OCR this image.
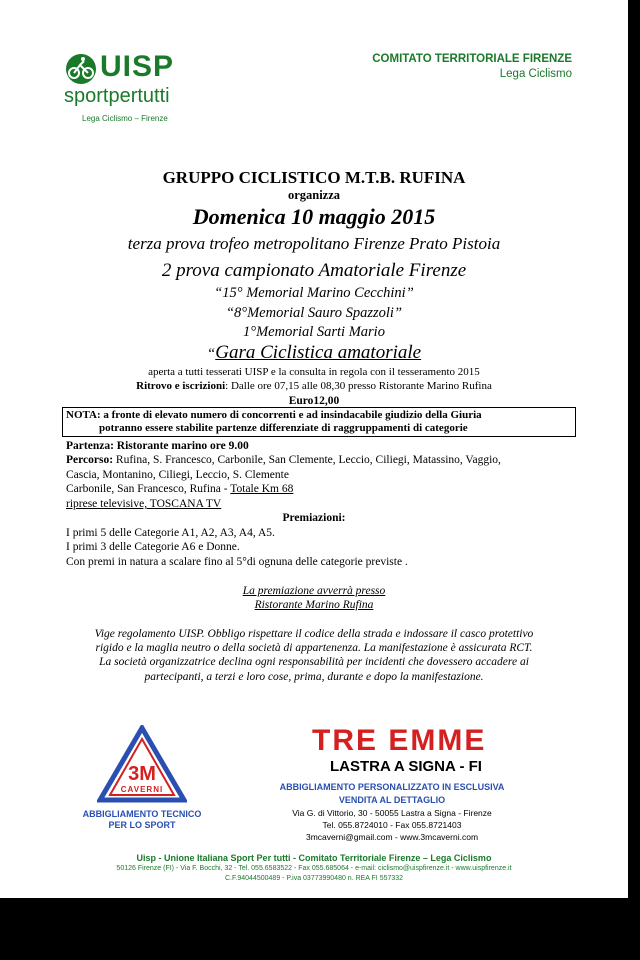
UISP
sportpertutti
Lega Ciclismo – Firenze
COMITATO TERRITORIALE FIRENZE
Lega Ciclismo
GRUPPO CICLISTICO M.T.B. RUFINA
organizza
Domenica 10 maggio 2015
terza prova trofeo metropolitano Firenze Prato Pistoia
2 prova campionato Amatoriale Firenze
“15° Memorial Marino Cecchini”
“8°Memorial Sauro Spazzoli”
1°Memorial Sarti Mario
“Gara Ciclistica amatoriale
aperta a tutti tesserati UISP e la consulta in regola con il tesseramento 2015
Ritrovo e iscrizioni: Dalle ore 07,15 alle 08,30 presso Ristorante Marino Rufina
Euro12,00
NOTA: a fronte di elevato numero di concorrenti e ad insindacabile giudizio della Giuria
potranno essere stabilite partenze differenziate di raggruppamenti di categorie
Partenza: Ristorante marino ore 9.00
Percorso: Rufina, S. Francesco, Carbonile, San Clemente, Leccio, Ciliegi, Matassino, Vaggio,
Cascia, Montanino, Ciliegi, Leccio, S. Clemente
Carbonile, San Francesco, Rufina - Totale Km 68
riprese televisive, TOSCANA TV
Premiazioni:
I primi 5 delle Categorie A1, A2, A3, A4, A5.
I primi 3 delle Categorie A6 e Donne.
Con premi in natura a scalare fino al 5°di ognuna delle categorie previste .
La premiazione avverrà presso
Ristorante Marino Rufina
Vige regolamento UISP. Obbligo rispettare il codice della strada e indossare il casco protettivo
rigido e la maglia neutro o della società di appartenenza. La manifestazione è assicurata RCT.
La società organizzatrice declina ogni responsabilità per incidenti che dovessero accadere ai
partecipanti, a terzi e loro cose, prima, durante e dopo la manifestazione.
3M
CAVERNI
ABBIGLIAMENTO TECNICO
PER LO SPORT
TRE EMME
LASTRA A SIGNA - FI
ABBIGLIAMENTO PERSONALIZZATO IN ESCLUSIVA
VENDITA AL DETTAGLIO
Via G. di Vittorio, 30 - 50055 Lastra a Signa - Firenze
Tel. 055.8724010 - Fax 055.8721403
3mcaverni@gmail.com - www.3mcaverni.com
Uisp - Unione Italiana Sport Per tutti - Comitato Territoriale Firenze – Lega Ciclismo
50126 Firenze (FI) - Via F. Bocchi, 32 - Tel. 055.6583522 - Fax 055.685064 - e-mail: ciclismo@uispfirenze.it - www.uispfirenze.it
C.F.94044500489 - P.iva 03773990480 n. REA FI 557332
